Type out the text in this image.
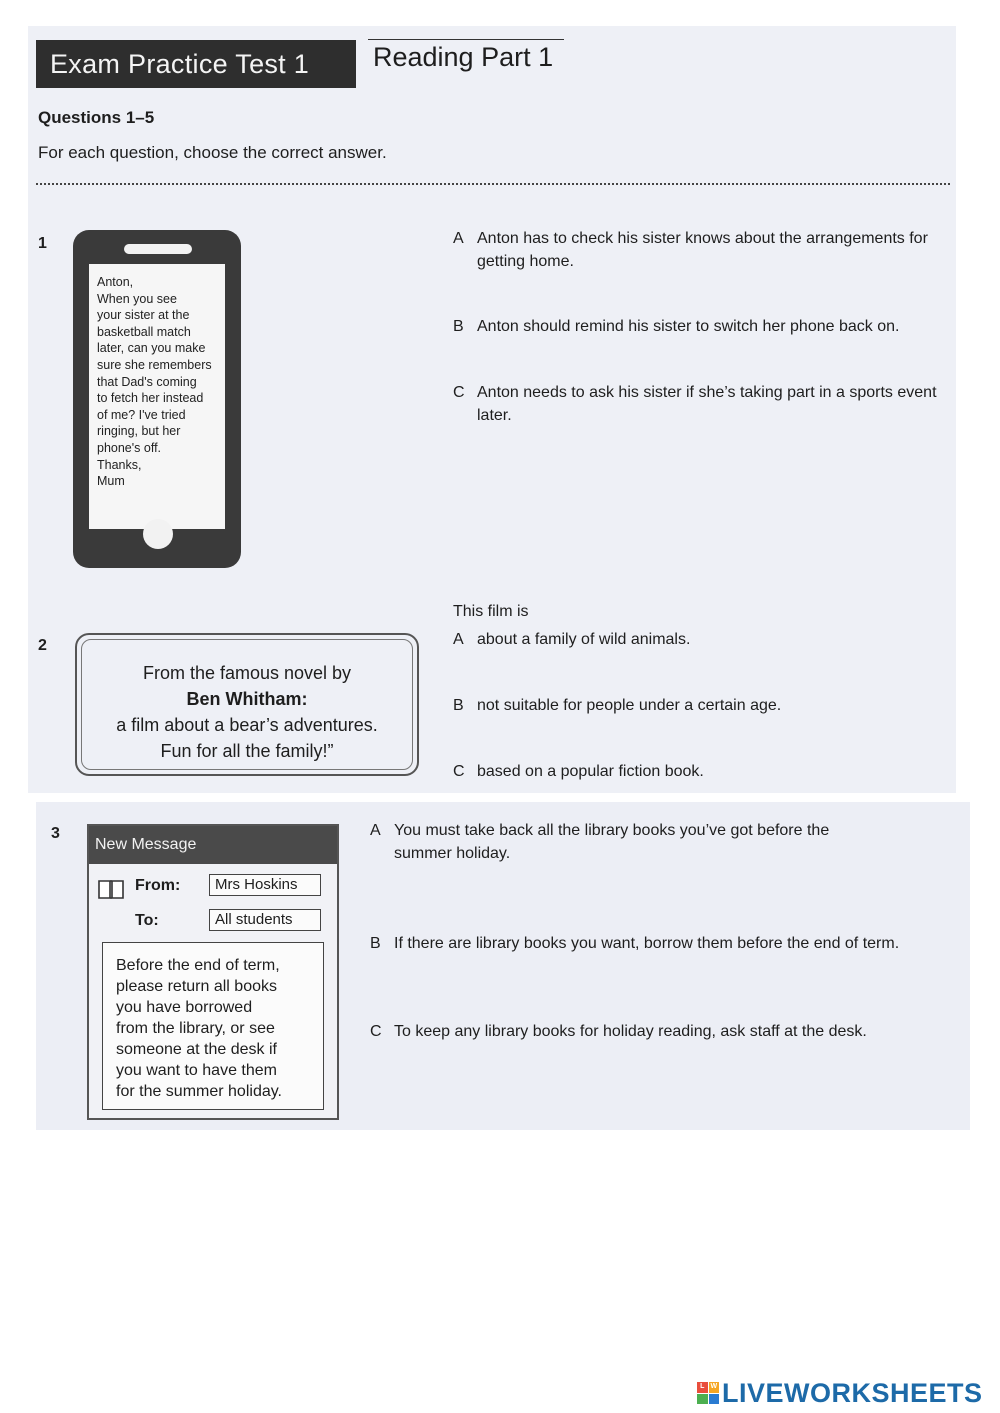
Exam Practice Test 1	Reading Part 1
Questions 1–5
For each question, choose the correct answer.
1
Anton,
When you see
your sister at the
basketball match
later, can you make
sure she remembers
that Dad's coming
to fetch her instead
of me? I've tried
ringing, but her
phone's off.
Thanks,
Mum
A Anton has to check his sister knows about the arrangements for getting home.
B Anton should remind his sister to switch her phone back on.
C Anton needs to ask his sister if she’s taking part in a sports event later.
2
From the famous novel by
Ben Whitham:
a film about a bear’s adventures.
Fun for all the family!”
This film is
A about a family of wild animals.
B not suitable for people under a certain age.
C based on a popular fiction book.
3
New Message
From:	Mrs Hoskins
To:	All students
Before the end of term,
please return all books
you have borrowed
from the library, or see
someone at the desk if
you want to have them
for the summer holiday.
A You must take back all the library books you’ve got before the summer holiday.
B If there are library books you want, borrow them before the end of term.
C To keep any library books for holiday reading, ask staff at the desk.
L W LIVEWORKSHEETS
